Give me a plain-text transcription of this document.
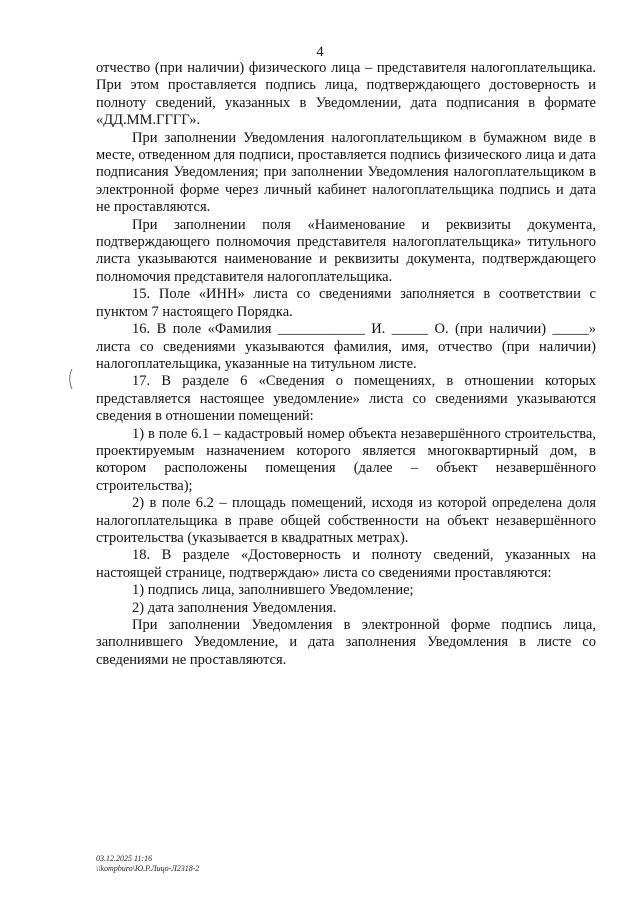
4

отчество (при наличии) физического лица – представителя налогоплательщика. При этом проставляется подпись лица, подтверждающего достоверность и полноту сведений, указанных в Уведомлении, дата подписания в формате «ДД.ММ.ГГГГ».

При заполнении Уведомления налогоплательщиком в бумажном виде в месте, отведенном для подписи, проставляется подпись физического лица и дата подписания Уведомления; при заполнении Уведомления налогоплательщиком в электронной форме через личный кабинет налогоплательщика подпись и дата не проставляются.

При заполнении поля «Наименование и реквизиты документа, подтверждающего полномочия представителя налогоплательщика» титульного листа указываются наименование и реквизиты документа, подтверждающего полномочия представителя налогоплательщика.

15. Поле «ИНН» листа со сведениями заполняется в соответствии с пунктом 7 настоящего Порядка.

16. В поле «Фамилия ____________ И. _____ О. (при наличии) _____» листа со сведениями указываются фамилия, имя, отчество (при наличии) налогоплательщика, указанные на титульном листе.

17. В разделе 6 «Сведения о помещениях, в отношении которых представляется настоящее уведомление» листа со сведениями указываются сведения в отношении помещений:

1) в поле 6.1 – кадастровый номер объекта незавершённого строительства, проектируемым назначением которого является многоквартирный дом, в котором расположены помещения (далее – объект незавершённого строительства);

2) в поле 6.2 – площадь помещений, исходя из которой определена доля налогоплательщика в праве общей собственности на объект незавершённого строительства (указывается в квадратных метрах).

18. В разделе «Достоверность и полноту сведений, указанных на настоящей странице, подтверждаю» листа со сведениями проставляются:

1) подпись лица, заполнившего Уведомление;

2) дата заполнения Уведомления.

При заполнении Уведомления в электронной форме подпись лица, заполнившего Уведомление, и дата заполнения Уведомления в листе со сведениями не проставляются.

03.12.2025 11:16
\\kompburo\Ю.Р.Лицо-Л2318-2
